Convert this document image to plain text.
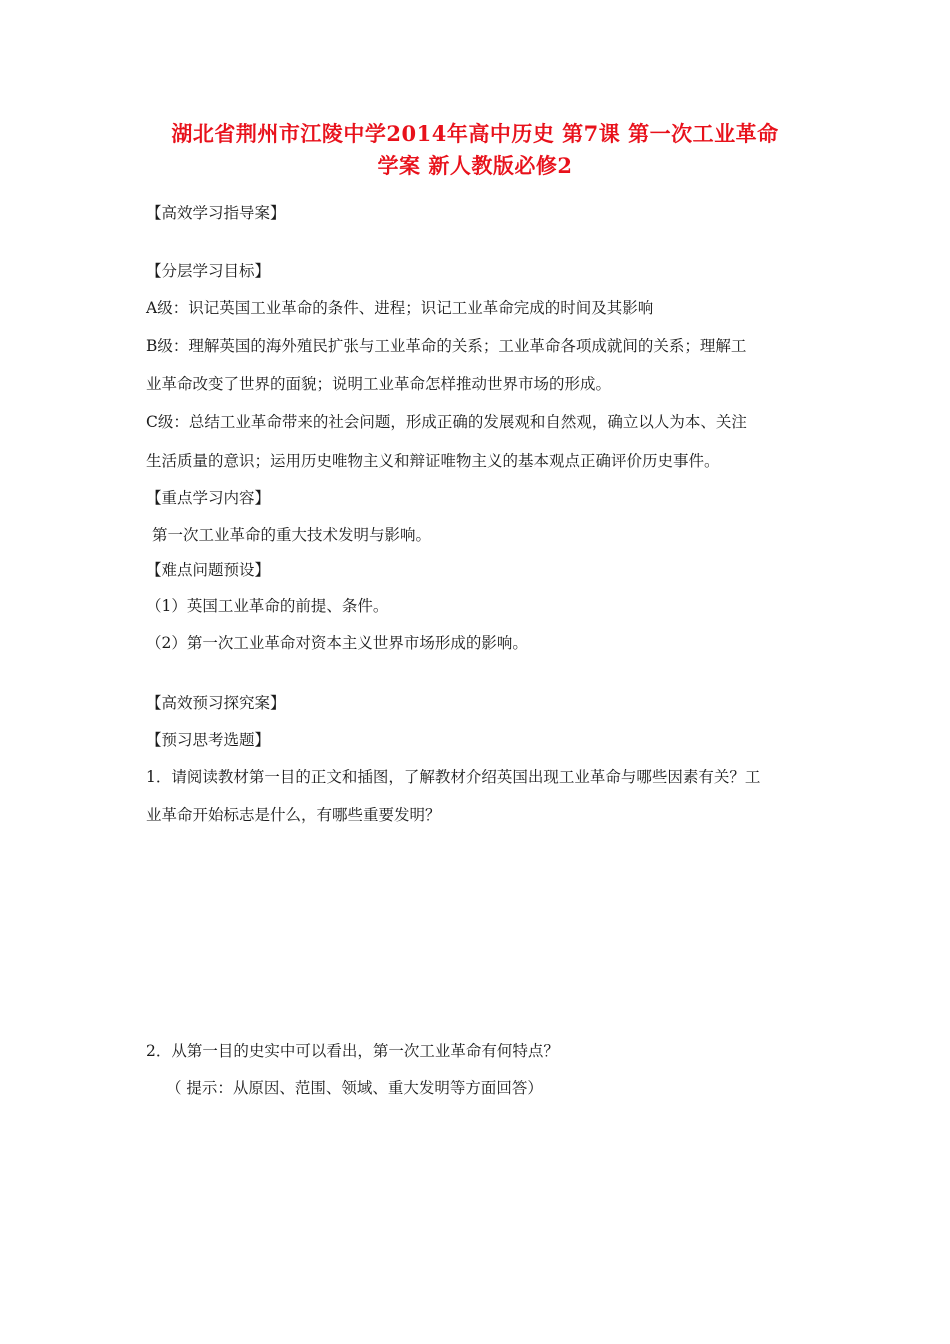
湖北省荆州市江陵中学2014年高中历史 第7课 第一次工业革命
学案 新人教版必修2
【高效学习指导案】
【分层学习目标】
A级：识记英国工业革命的条件、进程；识记工业革命完成的时间及其影响
B级：理解英国的海外殖民扩张与工业革命的关系；工业革命各项成就间的关系；理解工
业革命改变了世界的面貌；说明工业革命怎样推动世界市场的形成。
C级：总结工业革命带来的社会问题，形成正确的发展观和自然观，确立以人为本、关注
生活质量的意识；运用历史唯物主义和辩证唯物主义的基本观点正确评价历史事件。
【重点学习内容】
第一次工业革命的重大技术发明与影响。
【难点问题预设】
（1）英国工业革命的前提、条件。
（2）第一次工业革命对资本主义世界市场形成的影响。
【高效预习探究案】
【预习思考选题】
1．请阅读教材第一目的正文和插图，了解教材介绍英国出现工业革命与哪些因素有关？工
业革命开始标志是什么，有哪些重要发明？
2．从第一目的史实中可以看出，第一次工业革命有何特点？
（ 提示：从原因、范围、领域、重大发明等方面回答）
